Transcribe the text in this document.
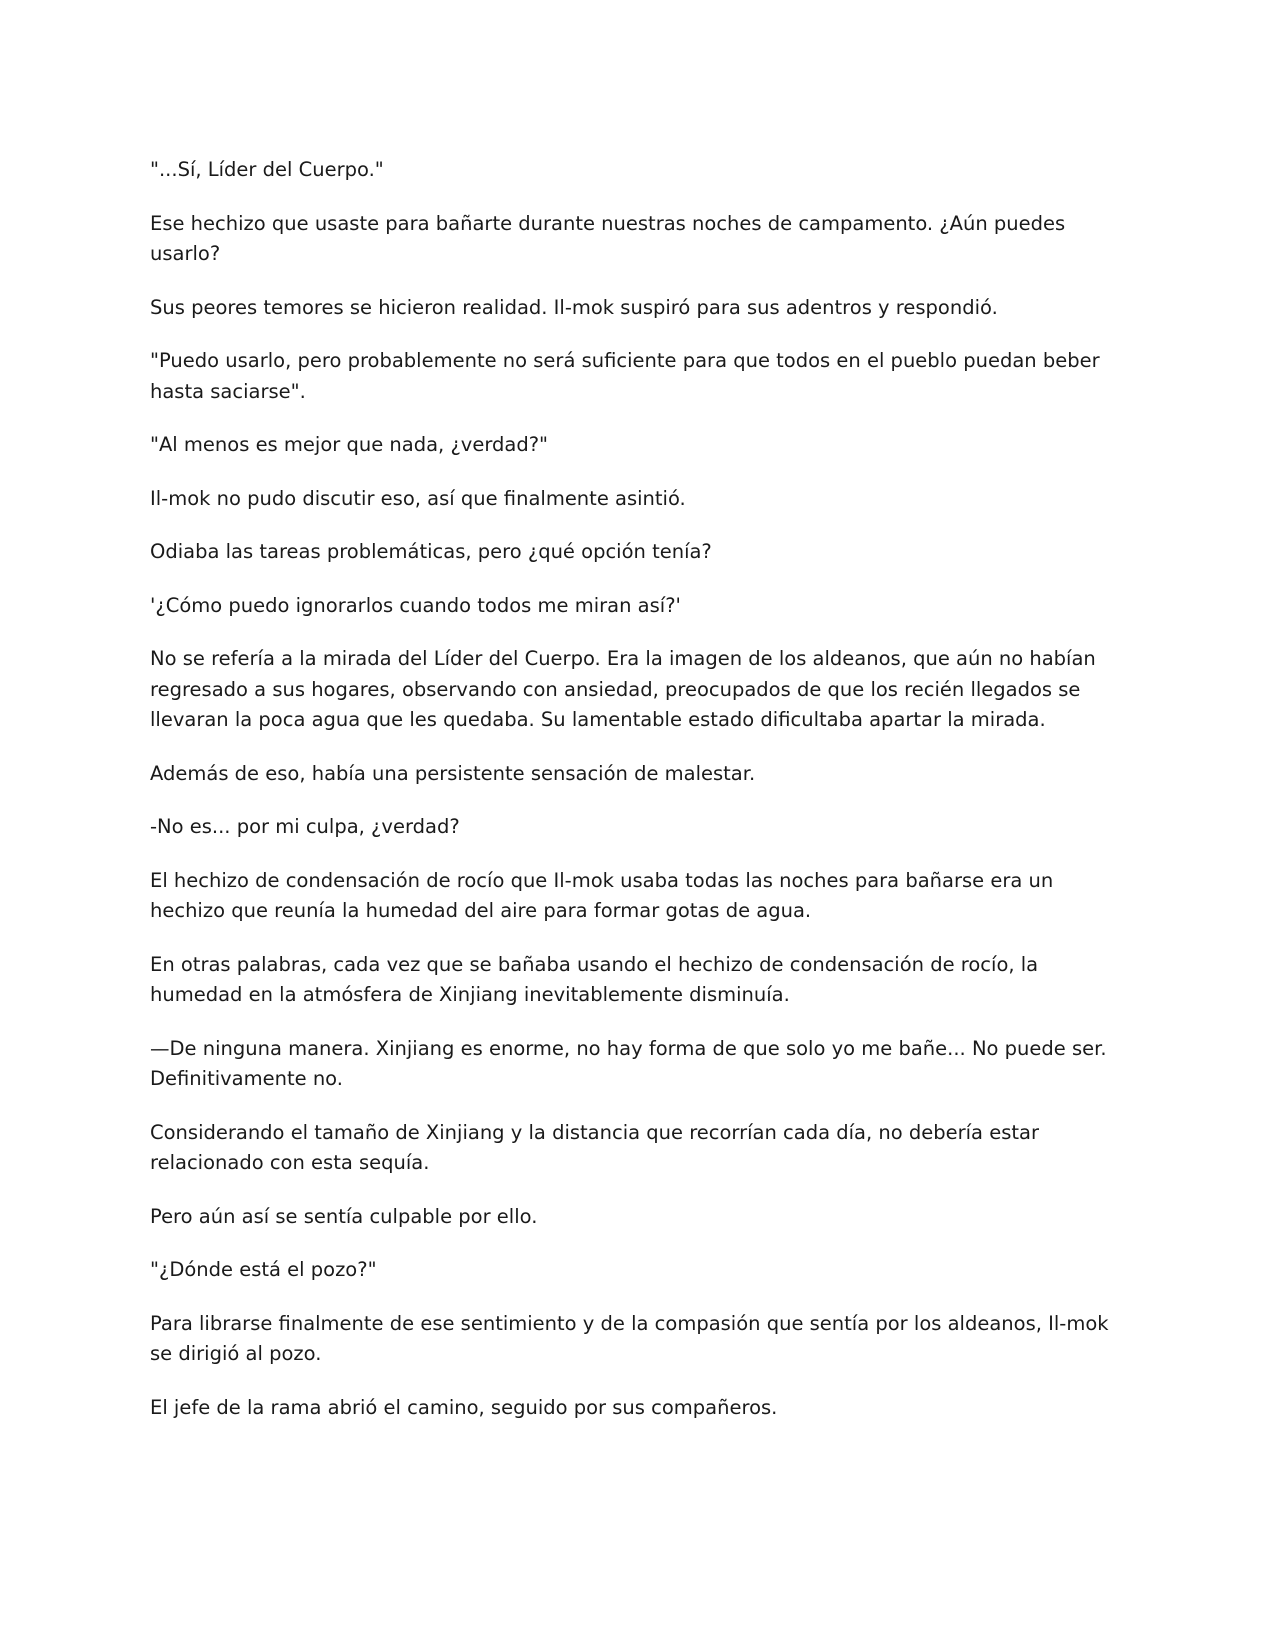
"...Sí, Líder del Cuerpo."

Ese hechizo que usaste para bañarte durante nuestras noches de campamento. ¿Aún puedes usarlo?

Sus peores temores se hicieron realidad. Il-mok suspiró para sus adentros y respondió.

"Puedo usarlo, pero probablemente no será suficiente para que todos en el pueblo puedan beber hasta saciarse".

"Al menos es mejor que nada, ¿verdad?"

Il-mok no pudo discutir eso, así que finalmente asintió.

Odiaba las tareas problemáticas, pero ¿qué opción tenía?

'¿Cómo puedo ignorarlos cuando todos me miran así?'

No se refería a la mirada del Líder del Cuerpo. Era la imagen de los aldeanos, que aún no habían regresado a sus hogares, observando con ansiedad, preocupados de que los recién llegados se llevaran la poca agua que les quedaba. Su lamentable estado dificultaba apartar la mirada.

Además de eso, había una persistente sensación de malestar.

-No es... por mi culpa, ¿verdad?

El hechizo de condensación de rocío que Il-mok usaba todas las noches para bañarse era un hechizo que reunía la humedad del aire para formar gotas de agua.

En otras palabras, cada vez que se bañaba usando el hechizo de condensación de rocío, la humedad en la atmósfera de Xinjiang inevitablemente disminuía.

—De ninguna manera. Xinjiang es enorme, no hay forma de que solo yo me bañe... No puede ser. Definitivamente no.

Considerando el tamaño de Xinjiang y la distancia que recorrían cada día, no debería estar relacionado con esta sequía.

Pero aún así se sentía culpable por ello.

"¿Dónde está el pozo?"

Para librarse finalmente de ese sentimiento y de la compasión que sentía por los aldeanos, Il-mok se dirigió al pozo.

El jefe de la rama abrió el camino, seguido por sus compañeros.
